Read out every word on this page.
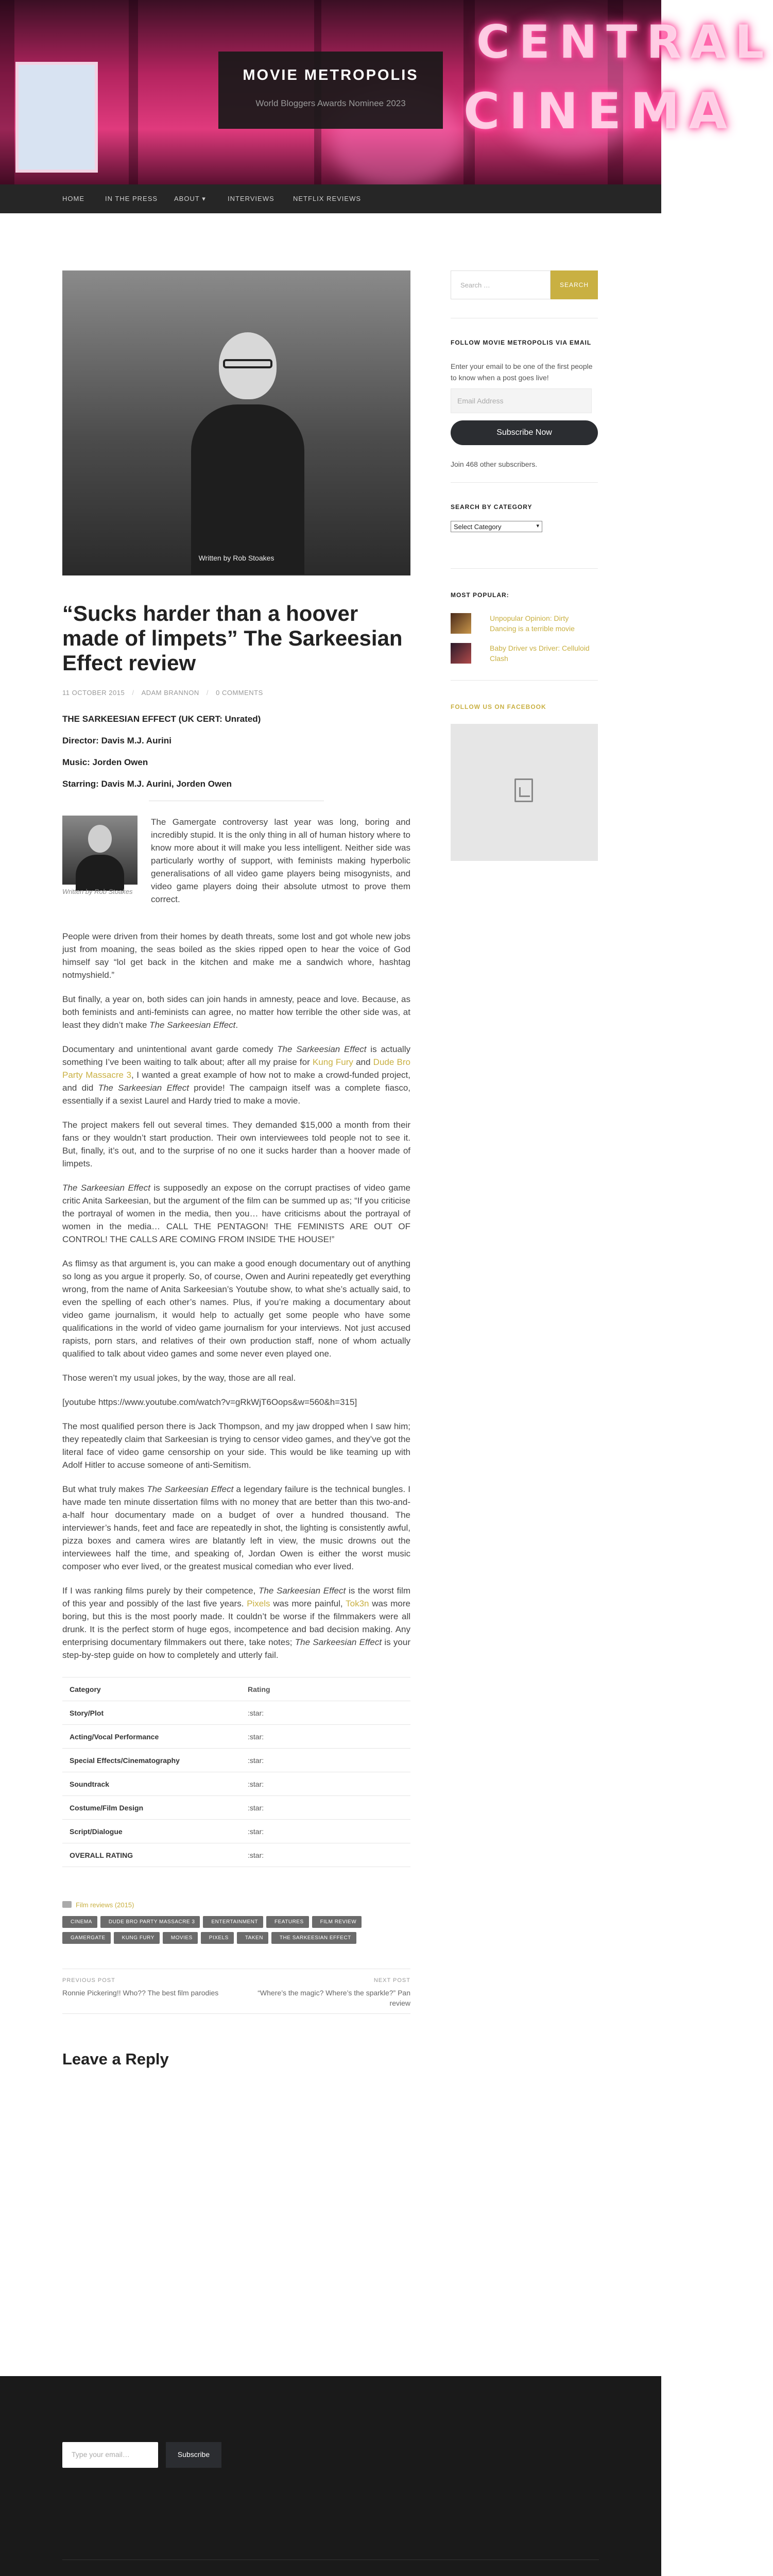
CENTRAL
CINEMA
MOVIE METROPOLIS
World Bloggers Awards Nominee 2023
HOME	IN THE PRESS ABOUT ▾	INTERVIEWS	NETFLIX REVIEWS
Written by Rob Stoakes
“Sucks harder than a hoover made of limpets” The Sarkeesian Effect review
11 OCTOBER 2015 / ADAM BRANNON / 0 COMMENTS

THE SARKEESIAN EFFECT (UK CERT: Unrated)

Director: Davis M.J. Aurini

Music: Jorden Owen

Starring: Davis M.J. Aurini, Jorden Owen

Written by Rob Stoakes

The Gamergate controversy last year was long, boring and incredibly stupid. It is the only thing in all of human history where to know more about it will make you less intelligent. Neither side was particularly worthy of support, with feminists making hyperbolic generalisations of all video game players being misogynists, and video game players doing their absolute utmost to prove them correct.

People were driven from their homes by death threats, some lost and got whole new jobs just from moaning, the seas boiled as the skies ripped open to hear the voice of God himself say “lol get back in the kitchen and make me a sandwich whore, hashtag notmyshield.”

But finally, a year on, both sides can join hands in amnesty, peace and love. Because, as both feminists and anti-feminists can agree, no matter how terrible the other side was, at least they didn’t make The Sarkeesian Effect.

Documentary and unintentional avant garde comedy The Sarkeesian Effect is actually something I’ve been waiting to talk about; after all my praise for Kung Fury and Dude Bro Party Massacre 3, I wanted a great example of how not to make a crowd-funded project, and did The Sarkeesian Effect provide! The campaign itself was a complete fiasco, essentially if a sexist Laurel and Hardy tried to make a movie.

The project makers fell out several times. They demanded $15,000 a month from their fans or they wouldn’t start production. Their own interviewees told people not to see it. But, finally, it’s out, and to the surprise of no one it sucks harder than a hoover made of limpets.

The Sarkeesian Effect is supposedly an expose on the corrupt practises of video game critic Anita Sarkeesian, but the argument of the film can be summed up as; “If you criticise the portrayal of women in the media, then you… have criticisms about the portrayal of women in the media… CALL THE PENTAGON! THE FEMINISTS ARE OUT OF CONTROL! THE CALLS ARE COMING FROM INSIDE THE HOUSE!”

As flimsy as that argument is, you can make a good enough documentary out of anything so long as you argue it properly. So, of course, Owen and Aurini repeatedly get everything wrong, from the name of Anita Sarkeesian’s Youtube show, to what she’s actually said, to even the spelling of each other’s names. Plus, if you’re making a documentary about video game journalism, it would help to actually get some people who have some qualifications in the world of video game journalism for your interviews. Not just accused rapists, porn stars, and relatives of their own production staff, none of whom actually qualified to talk about video games and some never even played one.

Those weren’t my usual jokes, by the way, those are all real.

[youtube https://www.youtube.com/watch?v=gRkWjT6Oops&w=560&h=315]

The most qualified person there is Jack Thompson, and my jaw dropped when I saw him; they repeatedly claim that Sarkeesian is trying to censor video games, and they’ve got the literal face of video game censorship on your side. This would be like teaming up with Adolf Hitler to accuse someone of anti-Semitism.

But what truly makes The Sarkeesian Effect a legendary failure is the technical bungles. I have made ten minute dissertation films with no money that are better than this two-and-a-half hour documentary made on a budget of over a hundred thousand. The interviewer’s hands, feet and face are repeatedly in shot, the lighting is consistently awful, pizza boxes and camera wires are blatantly left in view, the music drowns out the interviewees half the time, and speaking of, Jordan Owen is either the worst music composer who ever lived, or the greatest musical comedian who ever lived.

If I was ranking films purely by their competence, The Sarkeesian Effect is the worst film of this year and possibly of the last five years. Pixels was more painful, Tok3n was more boring, but this is the most poorly made. It couldn’t be worse if the filmmakers were all drunk. It is the perfect storm of huge egos, incompetence and bad decision making. Any enterprising documentary filmmakers out there, take notes; The Sarkeesian Effect is your step-by-step guide on how to completely and utterly fail.

Category	Rating
Story/Plot	:star:
Acting/Vocal Performance	:star:
Special Effects/Cinematography	:star:
Soundtrack	:star:
Costume/Film Design	:star:
Script/Dialogue	:star:
OVERALL RATING	:star:
Film reviews (2015)
CINEMA	DUDE BRO PARTY MASSACRE 3	ENTERTAINMENT	FEATURES	FILM REVIEWGAMERGATE	KUNG FURY	MOVIES	PIXELS	TAKEN	THE SARKEESIAN EFFECT
PREVIOUS POST
Ronnie Pickering!! Who?? The best film parodies
NEXT POST
“Where’s the magic? Where’s the sparkle?” Pan review
Leave a Reply
Search …	SEARCH
FOLLOW MOVIE METROPOLIS VIA EMAIL

Enter your email to be one of the first people to know when a post goes live!

Email Address
Subscribe Now

Join 468 other subscribers.

SEARCH BY CATEGORY
Select Category	▾
MOST POPULAR:
Unpopular Opinion: Dirty Dancing is a terrible movie
Baby Driver vs Driver: Celluloid Clash
FOLLOW US ON FACEBOOK
Type your email…	Subscribe
